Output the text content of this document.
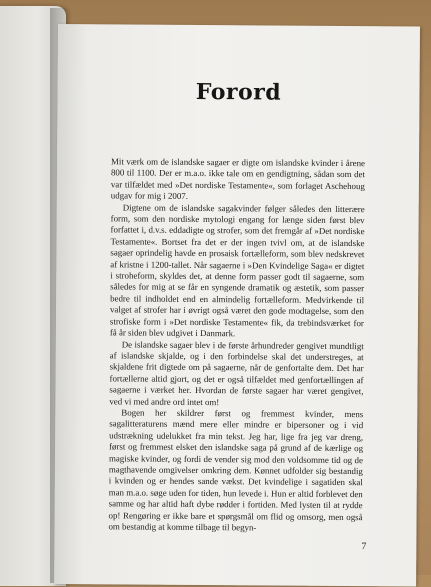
Forord

Mit værk om de islandske sagaer er digte om islandske kvinder i årene 800 til 1100. Der er m.a.o. ikke tale om en gendigtning, sådan som det var tilfældet med »Det nordiske Testamente«, som forlaget Aschehoug udgav for mig i 2007.

Digtene om de islandske sagakvinder følger således den litterære form, som den nordiske mytologi engang for længe siden først blev forfattet i, d.v.s. eddadigte og strofer, som det fremgår af »Det nordiske Testamente«. Bortset fra det er der ingen tvivl om, at de islandske sagaer oprindelig havde en prosaisk fortælleform, som blev nedskrevet af kristne i 1200-tallet. Når sagaerne i »Den Kvindelige Saga« er digtet i stroheform, skyldes det, at denne form passer godt til sagaerne, som således for mig at se får en syngende dramatik og æstetik, som passer bedre til indholdet end en almindelig fortælleform. Medvirkende til valget af strofer har i øvrigt også været den gode modtagelse, som den strofiske form i »Det nordiske Testamente« fik, da trebindsværket for få år siden blev udgivet i Danmark.

De islandske sagaer blev i de første århundreder gengivet mundtligt af islandske skjalde, og i den forbindelse skal det understreges, at skjaldene frit digtede om på sagaerne, når de genfortalte dem. Det har fortællerne altid gjort, og det er også tilfældet med genfortællingen af sagaerne i værket her. Hvordan de første sagaer har været gengivet, ved vi med andre ord intet om!

Bogen her skildrer først og fremmest kvinder, mens sagalitteraturens mænd mere eller mindre er bipersoner og i vid udstrækning udelukket fra min tekst. Jeg har, lige fra jeg var dreng, først og fremmest elsket den islandske saga på grund af de kærlige og magiske kvinder, og fordi de vender sig mod den voldsomme tid og de magthavende omgivelser omkring dem. Kønnet udfolder sig bestandig i kvinden og er hendes sande vækst. Det kvindelige i sagatiden skal man m.a.o. søge uden for tiden, hun levede i. Hun er altid forblevet den samme og har altid haft dybe rødder i fortiden. Med lysten til at rydde op! Rengøring er ikke bare et spørgsmål om flid og omsorg, men også om bestandig at komme tilbage til begyn-

7
